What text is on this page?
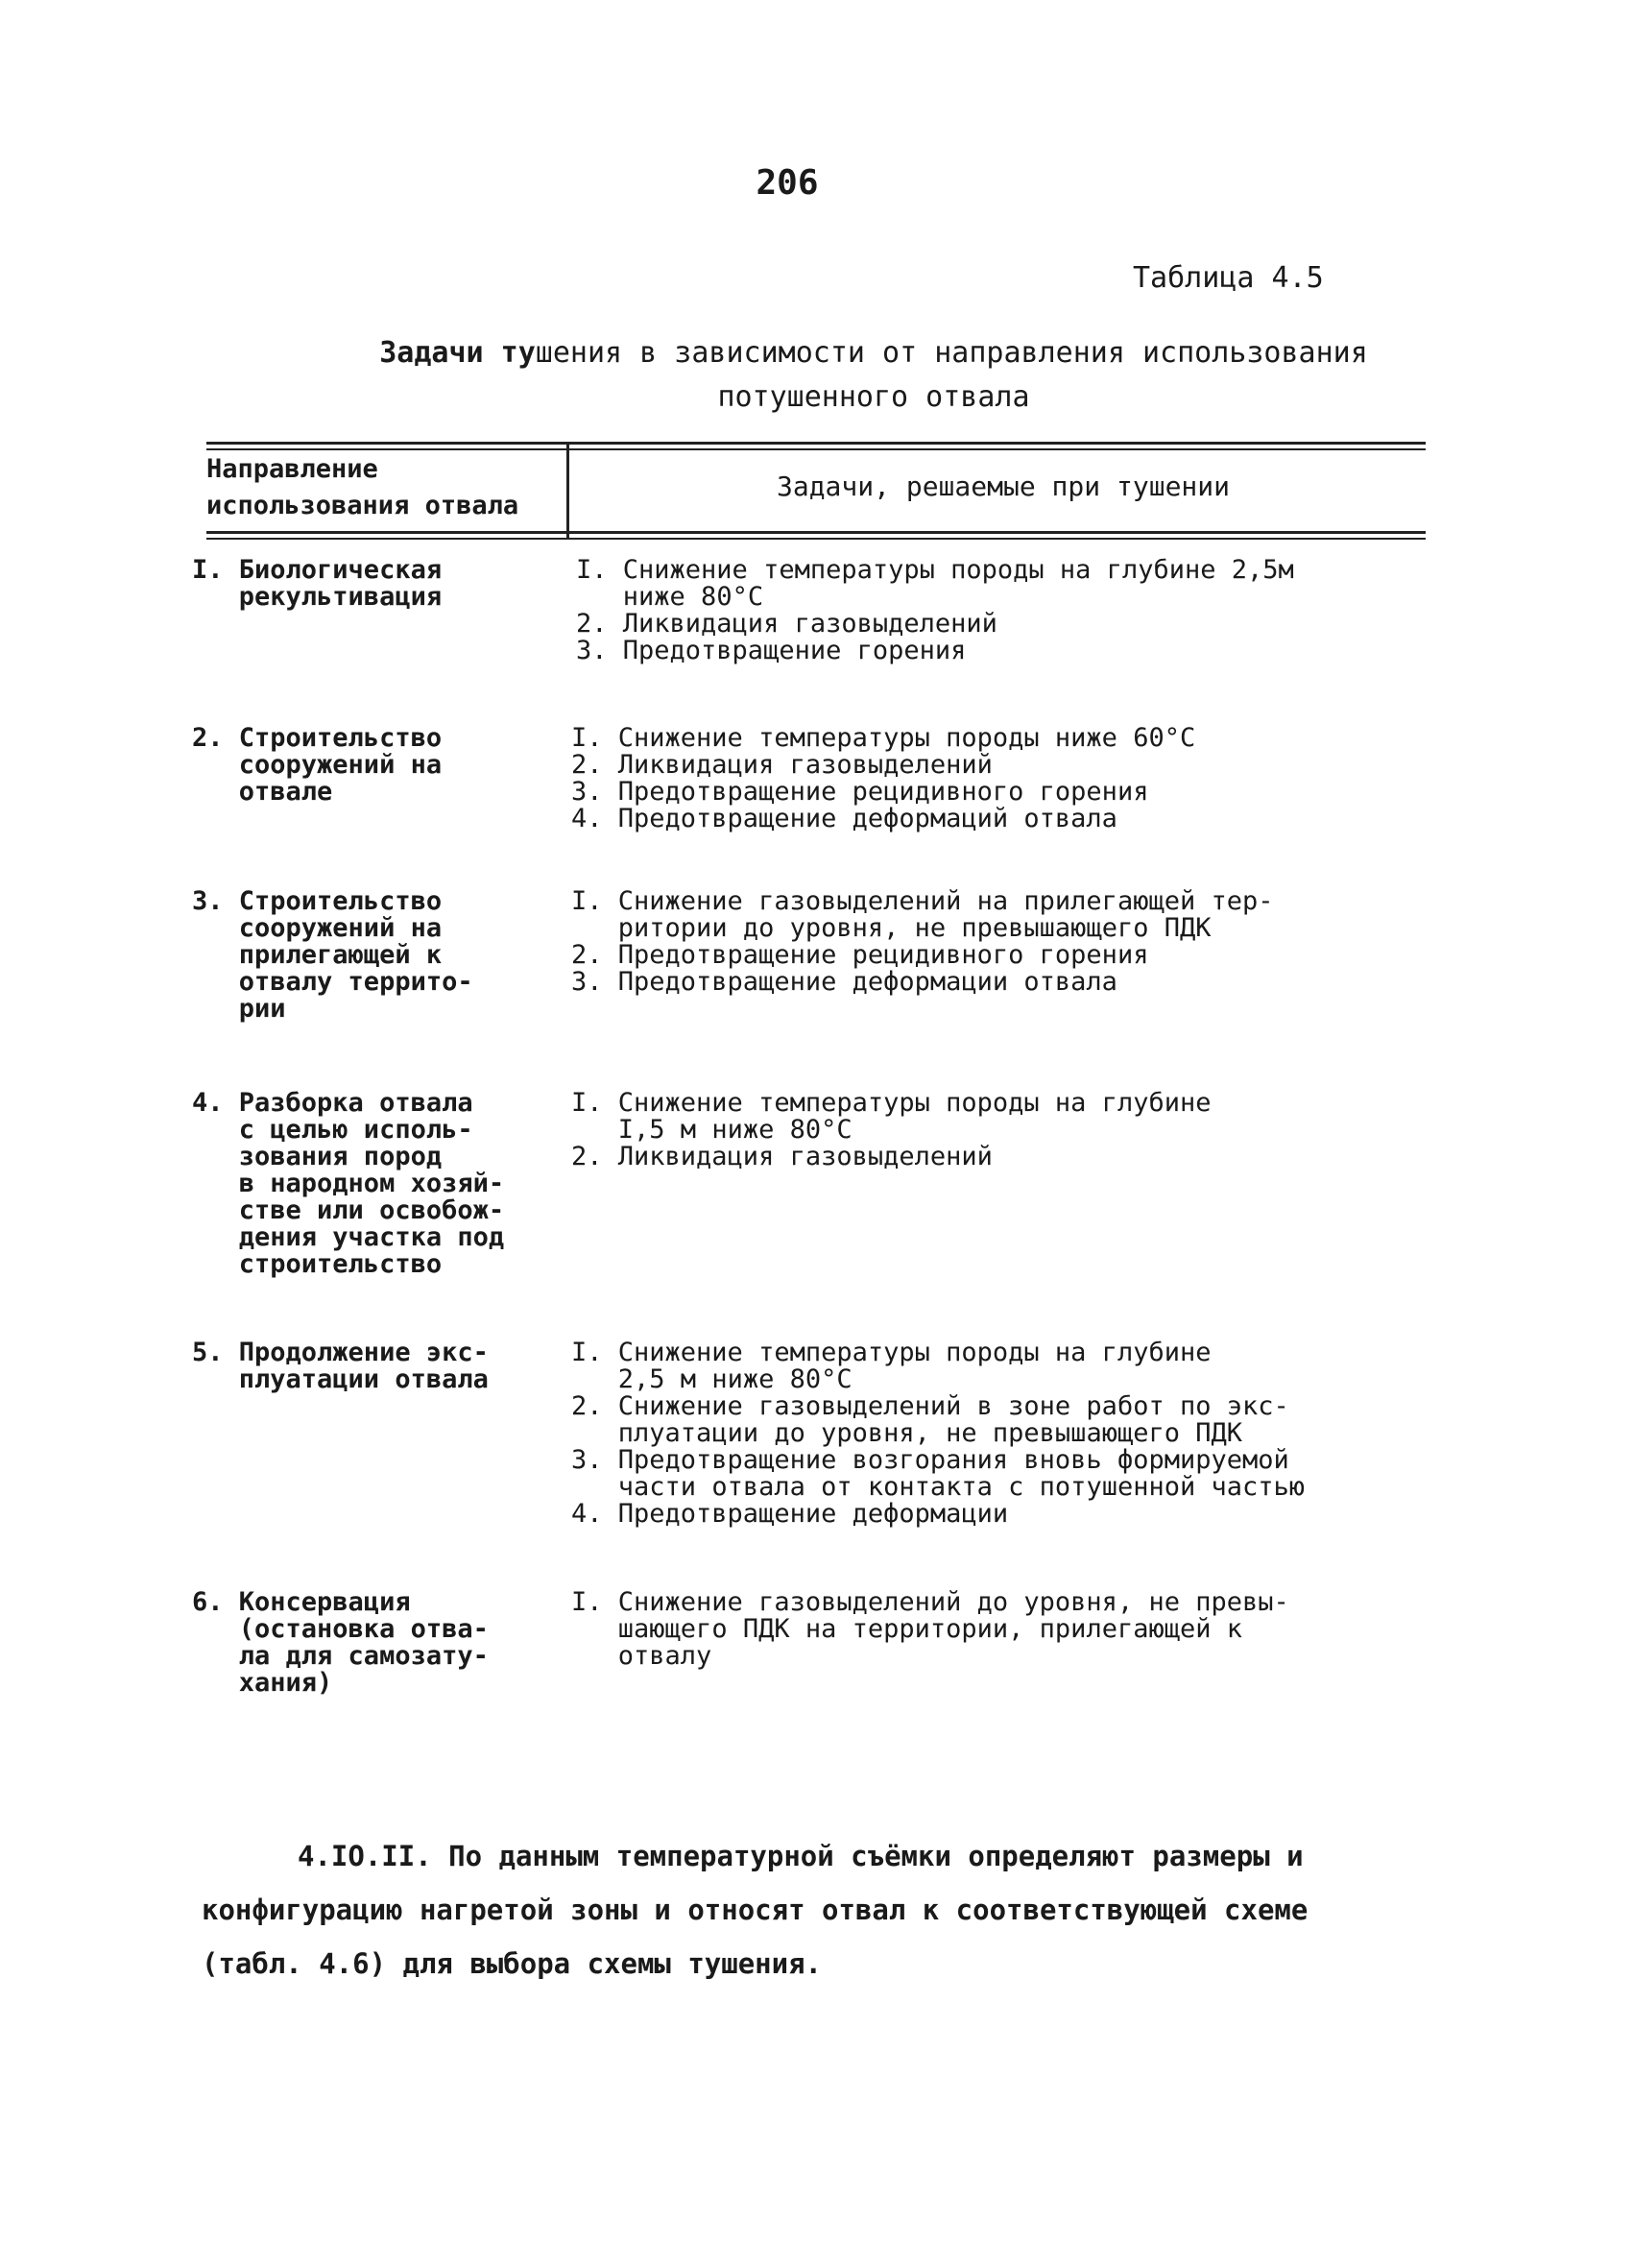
206
Таблица 4.5
Задачи тушения в зависимости от направления использования
потушенного отвала
Направление использования отвала
Задачи, решаемые при тушении
I. Биологическая
рекультивация
I. Снижение температуры породы на глубине 2,5м
ниже 80°C
2. Ликвидация газовыделений
3. Предотвращение горения
2. Строительство
сооружений на
отвале
I. Снижение температуры породы ниже 60°C
2. Ликвидация газовыделений
3. Предотвращение рецидивного горения
4. Предотвращение деформаций отвала
3. Строительство
сооружений на
прилегающей к
отвалу террито-
рии
I. Снижение газовыделений на прилегающей тер-
ритории до уровня, не превышающего ПДК
2. Предотвращение рецидивного горения
3. Предотвращение деформации отвала
4. Разборка отвала
с целью исполь-
зования пород
в народном хозяй-
стве или освобож-
дения участка под
строительство
I. Снижение температуры породы на глубине
I,5 м ниже 80°C
2. Ликвидация газовыделений
5. Продолжение экс-
плуатации отвала
I. Снижение температуры породы на глубине
2,5 м ниже 80°C
2. Снижение газовыделений в зоне работ по экс-
плуатации до уровня, не превышающего ПДК
3. Предотвращение возгорания вновь формируемой
части отвала от контакта с потушенной частью
4. Предотвращение деформации
6. Консервация
(остановка отва-
ла для самозату-
хания)
I. Снижение газовыделений до уровня, не превы-
шающего ПДК на территории, прилегающей к
отвалу
4.IO.II. По данным температурной съёмки определяют размеры и конфигурацию нагретой зоны и относят отвал к соответствующей схеме (табл. 4.6) для выбора схемы тушения.
